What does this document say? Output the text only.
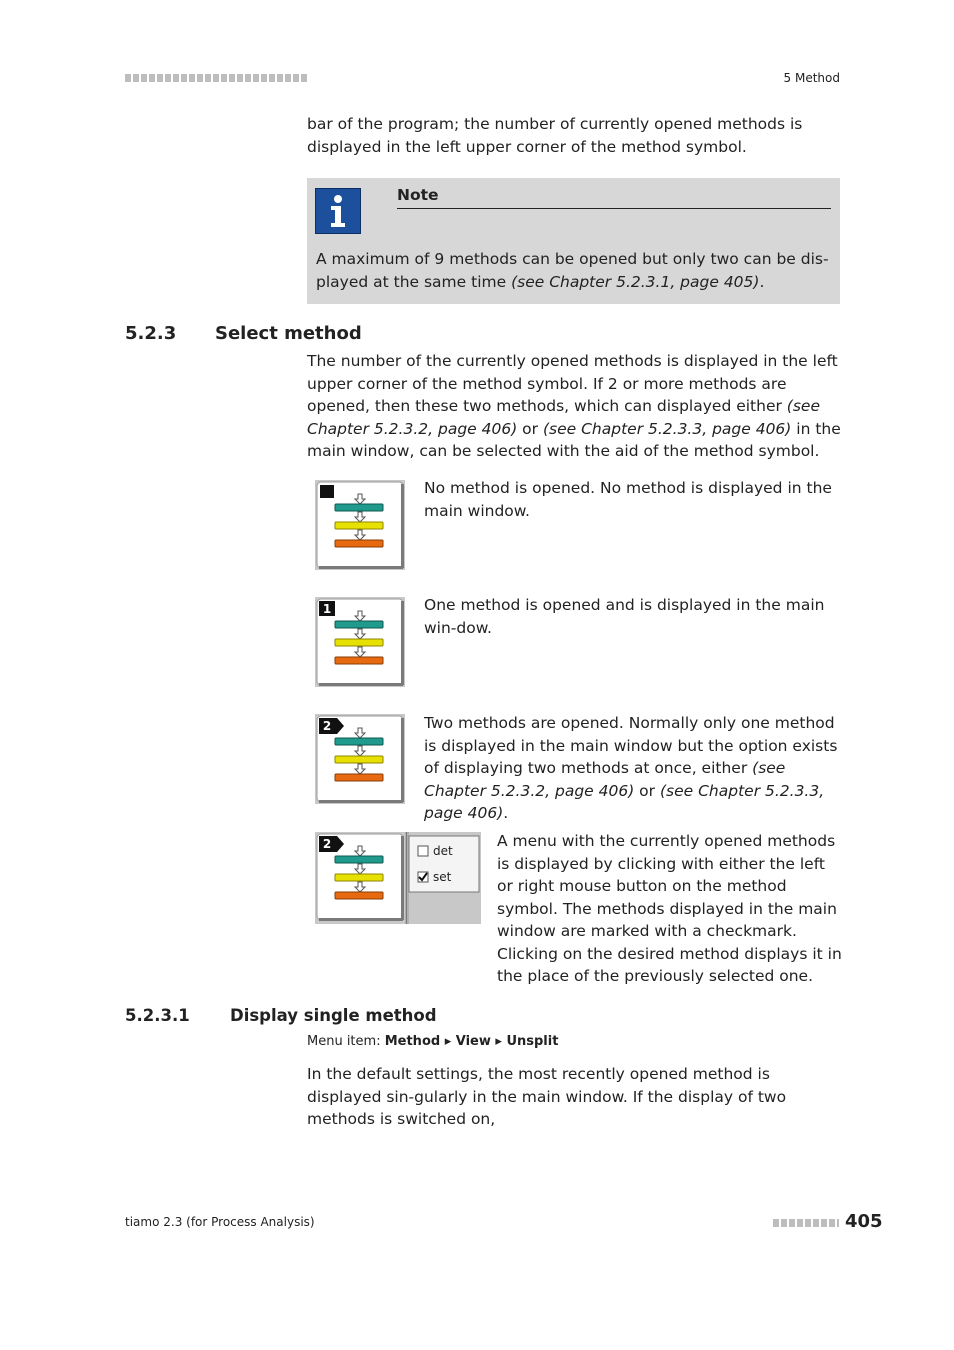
5 Method
bar of the program; the number of currently opened methods is displayed in the left upper corner of the method symbol.
Note
A maximum of 9 methods can be opened but only two can be dis-played at the same time (see Chapter 5.2.3.1, page 405).
5.2.3 Select method
The number of the currently opened methods is displayed in the left upper corner of the method symbol. If 2 or more methods are opened, then these two methods, which can displayed either (see Chapter 5.2.3.2, page 406) or (see Chapter 5.2.3.3, page 406) in the main window, can be selected with the aid of the method symbol.
No method is opened. No method is displayed in the main window.
1	One method is opened and is displayed in the main win-dow.
2	Two methods are opened. Normally only one method is displayed in the main window but the option exists of displaying two methods at once, either (see Chapter 5.2.3.2, page 406) or (see Chapter 5.2.3.3, page 406).
2	det
set
A menu with the currently opened methods is displayed by clicking with either the left or right mouse button on the method symbol. The methods displayed in the main window are marked with a checkmark. Clicking on the desired method displays it in the place of the previously selected one.
5.2.3.1 Display single method
Menu item: Method ▸ View ▸ Unsplit
In the default settings, the most recently opened method is displayed sin-gularly in the main window. If the display of two methods is switched on,
tiamo 2.3 (for Process Analysis)	405
